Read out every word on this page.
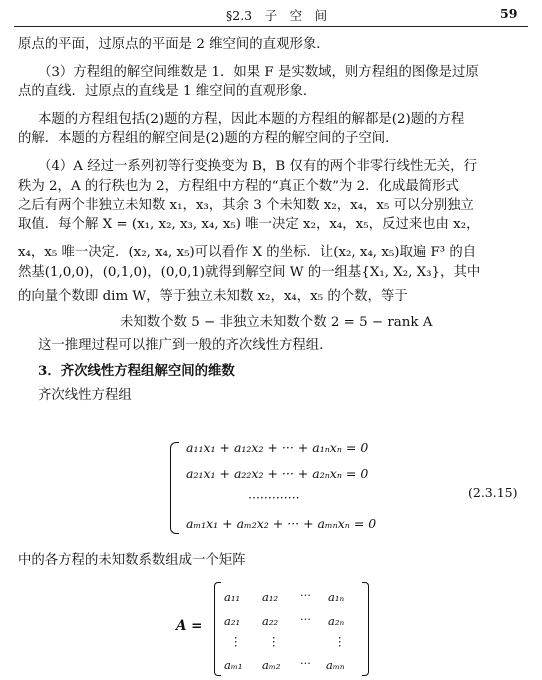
§2.3　子　空　间	59
原点的平面，过原点的平面是 2 维空间的直观形象．
（3）方程组的解空间维数是 1．如果 F 是实数域，则方程组的图像是过原
点的直线．过原点的直线是 1 维空间的直观形象．
本题的方程组包括(2)题的方程，因此本题的方程组的解都是(2)题的方程
的解．本题的方程组的解空间是(2)题的方程的解空间的子空间．
（4）A 经过一系列初等行变换变为 B，B 仅有的两个非零行线性无关，行
秩为 2，A 的行秩也为 2，方程组中方程的“真正个数”为 2．化成最简形式
之后有两个非独立未知数 x₁，x₃，其余 3 个未知数 x₂，x₄，x₅ 可以分别独立
取值．每个解 X = (x₁, x₂, x₃, x₄, x₅) 唯一决定 x₂，x₄，x₅，反过来也由 x₂，
x₄，x₅ 唯一决定．(x₂, x₄, x₅)可以看作 X 的坐标．让(x₂, x₄, x₅)取遍 F³ 的自
然基(1,0,0)，(0,1,0)，(0,0,1)就得到解空间 W 的一组基{X₁, X₂, X₃}，其中
的向量个数即 dim W，等于独立未知数 x₂，x₄，x₅ 的个数，等于
未知数个数 5 − 非独立未知数个数 2 = 5 − rank A
这一推理过程可以推广到一般的齐次线性方程组．
3．齐次线性方程组解空间的维数
齐次线性方程组
a₁₁x₁ + a₁₂x₂ + ··· + a₁ₙxₙ = 0
a₂₁x₁ + a₂₂x₂ + ··· + a₂ₙxₙ = 0
·············
aₘ₁x₁ + aₘ₂x₂ + ··· + aₘₙxₙ = 0
(2.3.15)
中的各方程的未知数系数组成一个矩阵
A =
a₁₁ a₁₂ ··· a₁ₙ
a₂₁ a₂₂ ··· a₂ₙ
⋮ ⋮	⋮
aₘ₁ aₘ₂ ··· aₘₙ
